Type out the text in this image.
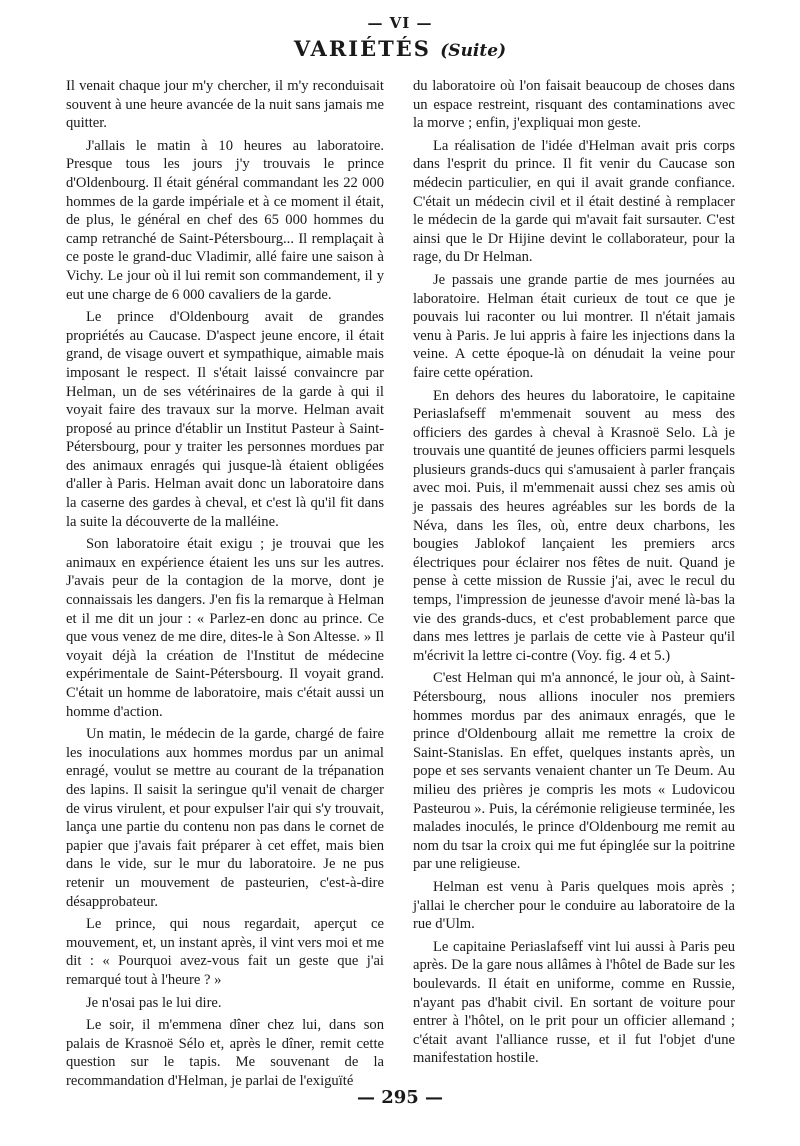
— VI —
VARIÉTÉS (Suite)

Il venait chaque jour m'y chercher, il m'y reconduisait souvent à une heure avancée de la nuit sans jamais me quitter.

J'allais le matin à 10 heures au laboratoire. Presque tous les jours j'y trouvais le prince d'Oldenbourg. Il était général commandant les 22 000 hommes de la garde impériale et à ce moment il était, de plus, le général en chef des 65 000 hommes du camp retranché de Saint-Pétersbourg... Il remplaçait à ce poste le grand-duc Vladimir, allé faire une saison à Vichy. Le jour où il lui remit son commandement, il y eut une charge de 6 000 cavaliers de la garde.

Le prince d'Oldenbourg avait de grandes propriétés au Caucase. D'aspect jeune encore, il était grand, de visage ouvert et sympathique, aimable mais imposant le respect. Il s'était laissé convaincre par Helman, un de ses vétérinaires de la garde à qui il voyait faire des travaux sur la morve. Helman avait proposé au prince d'établir un Institut Pasteur à Saint-Pétersbourg, pour y traiter les personnes mordues par des animaux enragés qui jusque-là étaient obligées d'aller à Paris. Helman avait donc un laboratoire dans la caserne des gardes à cheval, et c'est là qu'il fit dans la suite la découverte de la malléine.

Son laboratoire était exigu ; je trouvai que les animaux en expérience étaient les uns sur les autres. J'avais peur de la contagion de la morve, dont je connaissais les dangers. J'en fis la remarque à Helman et il me dit un jour : « Parlez-en donc au prince. Ce que vous venez de me dire, dites-le à Son Altesse. » Il voyait déjà la création de l'Institut de médecine expérimentale de Saint-Pétersbourg. Il voyait grand. C'était un homme de laboratoire, mais c'était aussi un homme d'action.

Un matin, le médecin de la garde, chargé de faire les inoculations aux hommes mordus par un animal enragé, voulut se mettre au courant de la trépanation des lapins. Il saisit la seringue qu'il venait de charger de virus virulent, et pour expulser l'air qui s'y trouvait, lança une partie du contenu non pas dans le cornet de papier que j'avais fait préparer à cet effet, mais bien dans le vide, sur le mur du laboratoire. Je ne pus retenir un mouvement de pasteurien, c'est-à-dire désapprobateur.

Le prince, qui nous regardait, aperçut ce mouvement, et, un instant après, il vint vers moi et me dit : « Pourquoi avez-vous fait un geste que j'ai remarqué tout à l'heure ? »

Je n'osai pas le lui dire.

Le soir, il m'emmena dîner chez lui, dans son palais de Krasnoë Sélo et, après le dîner, remit cette question sur le tapis. Me souvenant de la recommandation d'Helman, je parlai de l'exiguïté

du laboratoire où l'on faisait beaucoup de choses dans un espace restreint, risquant des contaminations avec la morve ; enfin, j'expliquai mon geste.

La réalisation de l'idée d'Helman avait pris corps dans l'esprit du prince. Il fit venir du Caucase son médecin particulier, en qui il avait grande confiance. C'était un médecin civil et il était destiné à remplacer le médecin de la garde qui m'avait fait sursauter. C'est ainsi que le Dr Hijine devint le collaborateur, pour la rage, du Dr Helman.

Je passais une grande partie de mes journées au laboratoire. Helman était curieux de tout ce que je pouvais lui raconter ou lui montrer. Il n'était jamais venu à Paris. Je lui appris à faire les injections dans la veine. A cette époque-là on dénudait la veine pour faire cette opération.

En dehors des heures du laboratoire, le capitaine Periaslafseff m'emmenait souvent au mess des officiers des gardes à cheval à Krasnoë Selo. Là je trouvais une quantité de jeunes officiers parmi lesquels plusieurs grands-ducs qui s'amusaient à parler français avec moi. Puis, il m'emmenait aussi chez ses amis où je passais des heures agréables sur les bords de la Néva, dans les îles, où, entre deux charbons, les bougies Jablokof lançaient les premiers arcs électriques pour éclairer nos fêtes de nuit. Quand je pense à cette mission de Russie j'ai, avec le recul du temps, l'impression de jeunesse d'avoir mené là-bas la vie des grands-ducs, et c'est probablement parce que dans mes lettres je parlais de cette vie à Pasteur qu'il m'écrivit la lettre ci-contre (Voy. fig. 4 et 5.)

C'est Helman qui m'a annoncé, le jour où, à Saint-Pétersbourg, nous allions inoculer nos premiers hommes mordus par des animaux enragés, que le prince d'Oldenbourg allait me remettre la croix de Saint-Stanislas. En effet, quelques instants après, un pope et ses servants venaient chanter un Te Deum. Au milieu des prières je compris les mots « Ludovicou Pasteurou ». Puis, la cérémonie religieuse terminée, les malades inoculés, le prince d'Oldenbourg me remit au nom du tsar la croix qui me fut épinglée sur la poitrine par une religieuse.

Helman est venu à Paris quelques mois après ; j'allai le chercher pour le conduire au laboratoire de la rue d'Ulm.

Le capitaine Periaslafseff vint lui aussi à Paris peu après. De la gare nous allâmes à l'hôtel de Bade sur les boulevards. Il était en uniforme, comme en Russie, n'ayant pas d'habit civil. En sortant de voiture pour entrer à l'hôtel, on le prit pour un officier allemand ; c'était avant l'alliance russe, et il fut l'objet d'une manifestation hostile.

— 295 —
